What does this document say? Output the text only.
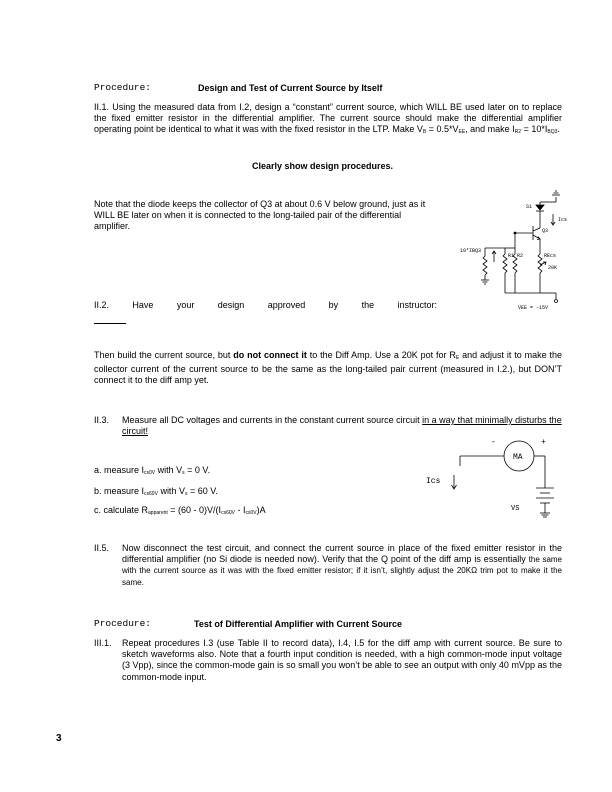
Procedure:	Design and Test of Current Source by Itself
II.1. Using the measured data from I.2, design a “constant” current source, which WILL BE used later on to replace the fixed emitter resistor in the differential amplifier. The current source should make the differential amplifier operating point be identical to what it was with the fixed resistor in the LTP. Make $V_B = 0.5*V_{EE}$, and make $I_{R2} = 10*I_{BQ3}$.
Clearly show design procedures.
Note that the diode keeps the collector of Q3 at about 0.6 V below ground, just as it WILL BE later on when it is connected to the long-tailed pair of the differential amplifier.
II.2.	Have	your	design	approved	by	the	instructor:
Then build the current source, but do not connect it to the Diff Amp. Use a 20K pot for $R_E$ and adjust it to make the collector current of the current source to be the same as the long-tailed pair current (measured in I.2.), but DON’T connect it to the diff amp yet.
II.3. Measure all DC voltages and currents in the constant current source circuit in a way that minimally disturbs the circuit!
a. measure $I_{cs0V}$ with $V_s = 0$ V.
b. measure $I_{cs60V}$ with $V_s = 60$ V.
c. calculate $R_{apparent} = (60 - 0)V/(I_{cs60V} - I_{cs0V})A$
II.5. Now disconnect the test circuit, and connect the current source in place of the fixed emitter resistor in the differential amplifier (no Si diode is needed now). Verify that the Q point of the diff amp is essentially the same with the current source as it was with the fixed emitter resistor; if it isn’t, slightly adjust the 20KΩ trim pot to make it the same.
Procedure:	Test of Differential Amplifier with Current Source
III.1. Repeat procedures I.3 (use Table II to record data), I.4, I.5 for the diff amp with current source. Be sure to sketch waveforms also. Note that a fourth input condition is needed, with a high common-mode input voltage (3 Vpp), since the common-mode gain is so small you won’t be able to see an output with only 40 mVpp as the common-mode input.
3
S1
Ics
Q3
10*IBQ3
R2
R1	REcs
20K
VEE = -15V
MA
-	+
Ics
VS
